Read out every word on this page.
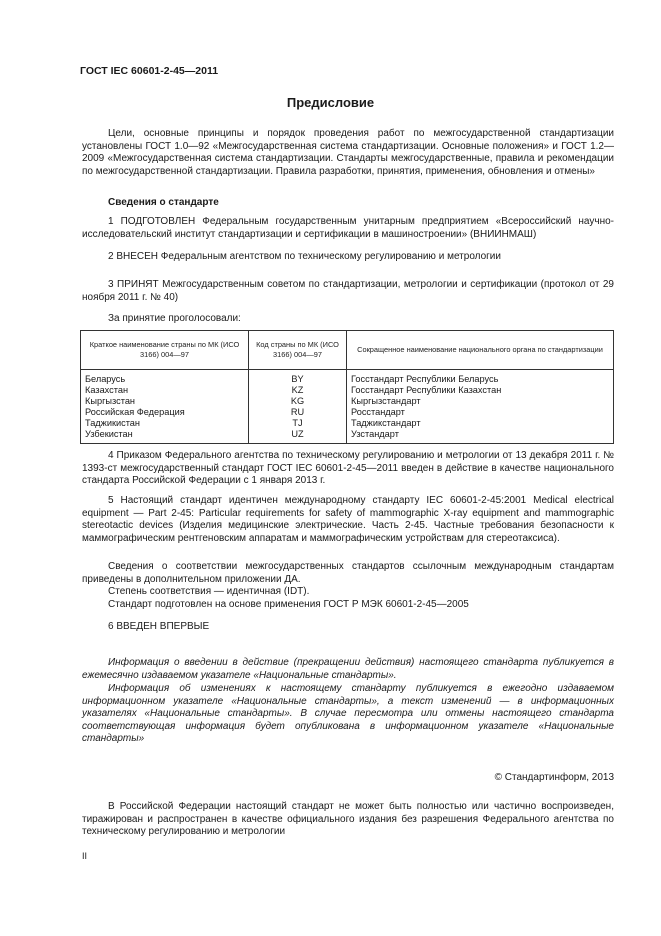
ГОСТ IEC 60601-2-45—2011
Предисловие
Цели, основные принципы и порядок проведения работ по межгосударственной стандартизации установлены ГОСТ 1.0—92 «Межгосударственная система стандартизации. Основные положения» и ГОСТ 1.2—2009 «Межгосударственная система стандартизации. Стандарты межгосударственные, правила и рекомендации по межгосударственной стандартизации. Правила разработки, принятия, применения, обновления и отмены»
Сведения о стандарте
1 ПОДГОТОВЛЕН Федеральным государственным унитарным предприятием «Всероссийский научно-исследовательский институт стандартизации и сертификации в машиностроении» (ВНИИНМАШ)
2 ВНЕСЕН Федеральным агентством по техническому регулированию и метрологии
3 ПРИНЯТ Межгосударственным советом по стандартизации, метрологии и сертификации (протокол от 29 ноября 2011 г. № 40)
За принятие проголосовали:
Краткое наименование страны по МК (ИСО 3166) 004—97	Код страны по МК (ИСО 3166) 004—97	Сокращенное наименование национального органа по стандартизации
Беларусь	BY	Госстандарт Республики Беларусь
Казахстан	KZ	Госстандарт Республики Казахстан
Кыргызстан	KG	Кыргызстандарт
Российская Федерация	RU	Росстандарт
Таджикистан	TJ	Таджикстандарт
Узбекистан	UZ	Узстандарт
4 Приказом Федерального агентства по техническому регулированию и метрологии от 13 декабря 2011 г. № 1393-ст межгосударственный стандарт ГОСТ IEC 60601-2-45—2011 введен в действие в качестве национального стандарта Российской Федерации с 1 января 2013 г.
5 Настоящий стандарт идентичен международному стандарту IEC 60601-2-45:2001 Medical electrical equipment — Part 2-45: Particular requirements for safety of mammographic X-ray equipment and mammographic stereotactic devices (Изделия медицинские электрические. Часть 2-45. Частные требования безопасности к маммографическим рентгеновским аппаратам и маммографическим устройствам для стереотаксиса).
Сведения о соответствии межгосударственных стандартов ссылочным международным стандартам приведены в дополнительном приложении ДА.
Степень соответствия — идентичная (IDT).
Стандарт подготовлен на основе применения ГОСТ Р МЭК 60601-2-45—2005
6 ВВЕДЕН ВПЕРВЫЕ
Информация о введении в действие (прекращении действия) настоящего стандарта публикуется в ежемесячно издаваемом указателе «Национальные стандарты».
Информация об изменениях к настоящему стандарту публикуется в ежегодно издаваемом информационном указателе «Национальные стандарты», а текст изменений — в информационных указателях «Национальные стандарты». В случае пересмотра или отмены настоящего стандарта соответствующая информация будет опубликована в информационном указателе «Национальные стандарты»
© Стандартинформ, 2013
В Российской Федерации настоящий стандарт не может быть полностью или частично воспроизведен, тиражирован и распространен в качестве официального издания без разрешения Федерального агентства по техническому регулированию и метрологии
II
